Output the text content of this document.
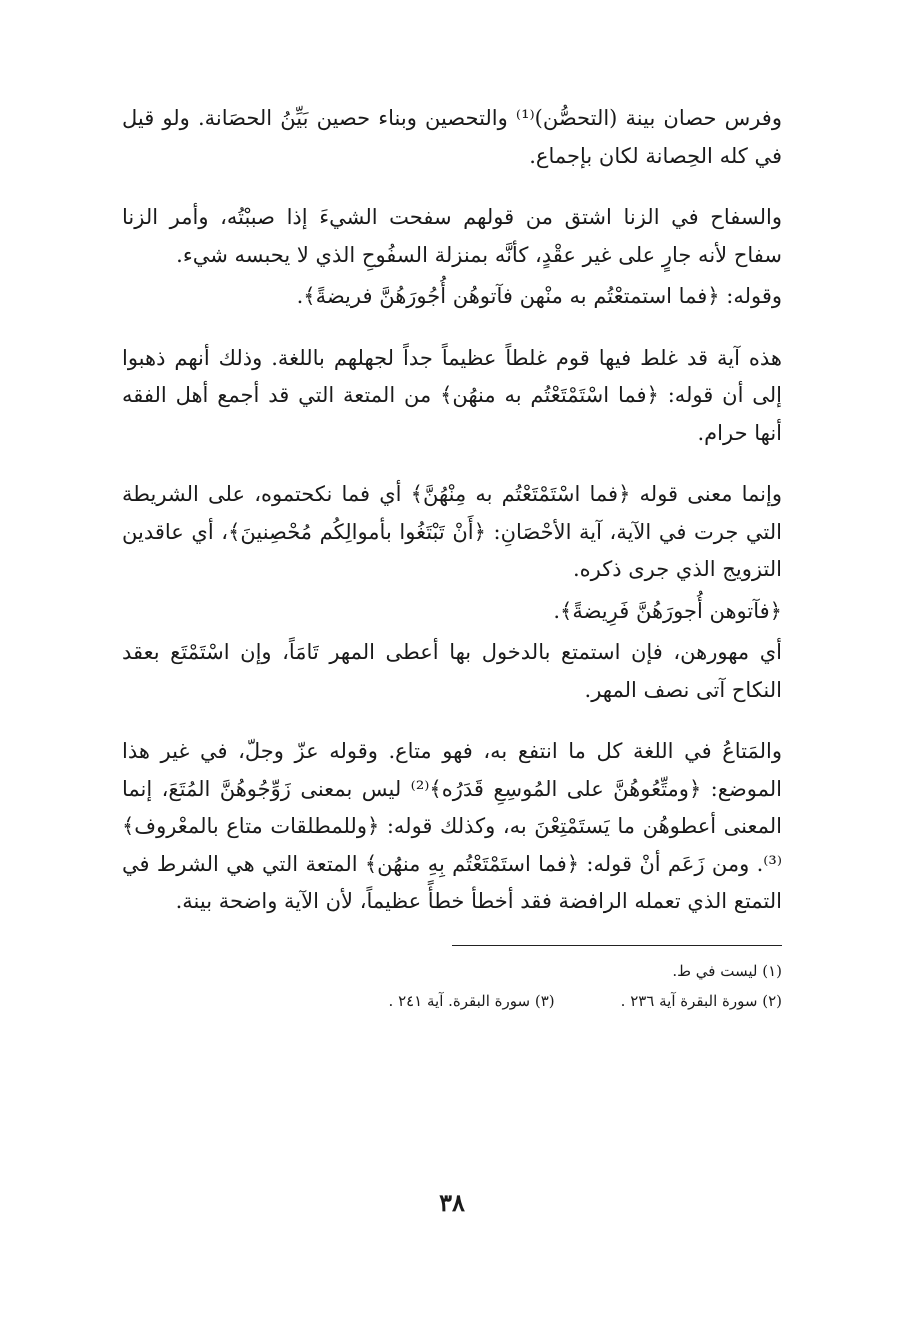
وفرس حصان بينة (التحصُّن)⁽¹⁾ والتحصين وبناء حصين بَيِّنُ الحصَانة. ولو قيل في كله الحِصانة لكان بإجماع.

والسفاح في الزنا اشتق من قولهم سفحت الشيءَ إذا صببْتُه، وأمر الزنا سفاح لأنه جارٍ على غير عقْدٍ، كأنَّه بمنزلة السفُوحِ الذي لا يحبسه شيء.

وقوله: ﴿فما استمتعْتُم به منْهن فآتوهُن أُجُورَهُنَّ فريضةً﴾.

هذه آية قد غلط فيها قوم غلطاً عظيماً جداً لجهلهم باللغة. وذلك أنهم ذهبوا إلى أن قوله: ﴿فما اسْتَمْتَعْتُم به منهُن﴾ من المتعة التي قد أجمع أهل الفقه أنها حرام.

وإنما معنى قوله ﴿فما اسْتَمْتَعْتُم به مِنْهُنَّ﴾ أي فما نكحتموه، على الشريطة التي جرت في الآية، آية الأحْصَانِ: ﴿أَنْ تَبْتَغُوا بأموالِكُم مُحْصِنينَ﴾، أي عاقدين التزويج الذي جرى ذكره.

﴿فآتوهن أُجورَهُنَّ فَرِيضةً﴾.

أي مهورهن، فإن استمتع بالدخول بها أعطى المهر تَامَاً، وإن اسْتَمْتَع بعقد النكاح آتى نصف المهر.

والمَتاعُ في اللغة كل ما انتفع به، فهو متاع. وقوله عزّ وجلّ، في غير هذا الموضع: ﴿ومتِّعُوهُنَّ على المُوسِعِ قَدَرُه﴾⁽²⁾ ليس بمعنى زَوِّجُوهُنَّ المُتَعَ، إنما المعنى أعطوهُن ما يَستَمْتِعْنَ به، وكذلك قوله: ﴿وللمطلقات متاع بالمعْروف﴾⁽³⁾. ومن زَعَم أنْ قوله: ﴿فما استَمْتَعْتُم بِهِ منهُن﴾ المتعة التي هي الشرط في التمتع الذي تعمله الرافضة فقد أخطأ خطأً عظيماً، لأن الآية واضحة بينة.

(١) ليست في ط.
(٢) سورة البقرة آية ٢٣٦ .
(٣) سورة البقرة. آية ٢٤١ .
٣٨
